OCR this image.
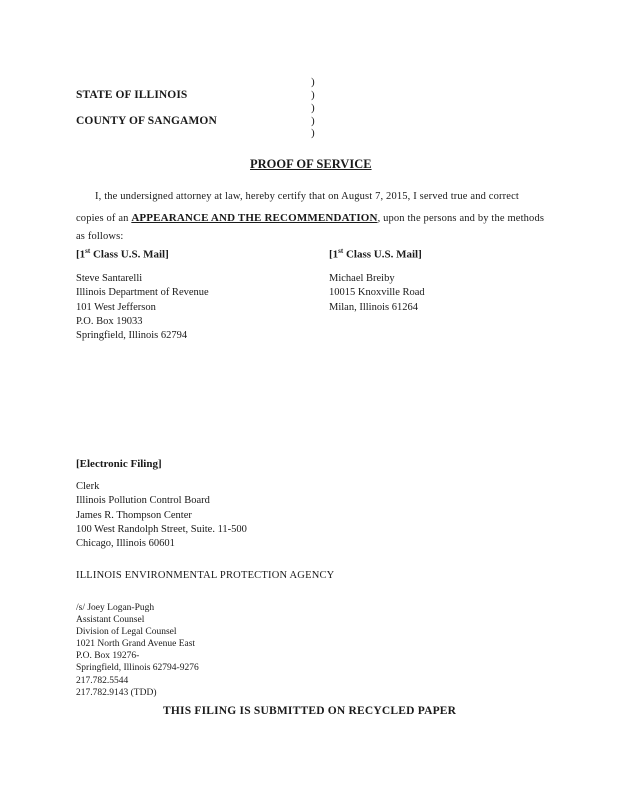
STATE OF ILLINOIS
COUNTY OF SANGAMON
)
)
)
)
)
PROOF OF SERVICE
I, the undersigned attorney at law, hereby certify that on August 7, 2015, I served true and correct
copies of an APPEARANCE AND THE RECOMMENDATION, upon the persons and by the methods
as follows:
[1st Class U.S. Mail]
Steve Santarelli
Illinois Department of Revenue
101 West Jefferson
P.O. Box 19033
Springfield, Illinois 62794
[1st Class U.S. Mail]
Michael Breiby
10015 Knoxville Road
Milan, Illinois 61264
[Electronic Filing]
Clerk
Illinois Pollution Control Board
James R. Thompson Center
100 West Randolph Street, Suite. 11-500
Chicago, Illinois 60601
ILLINOIS ENVIRONMENTAL PROTECTION AGENCY
/s/ Joey Logan-Pugh
Assistant Counsel
Division of Legal Counsel
1021 North Grand Avenue East
P.O. Box 19276-
Springfield, Illinois 62794-9276
217.782.5544
217.782.9143 (TDD)
THIS FILING IS SUBMITTED ON RECYCLED PAPER
